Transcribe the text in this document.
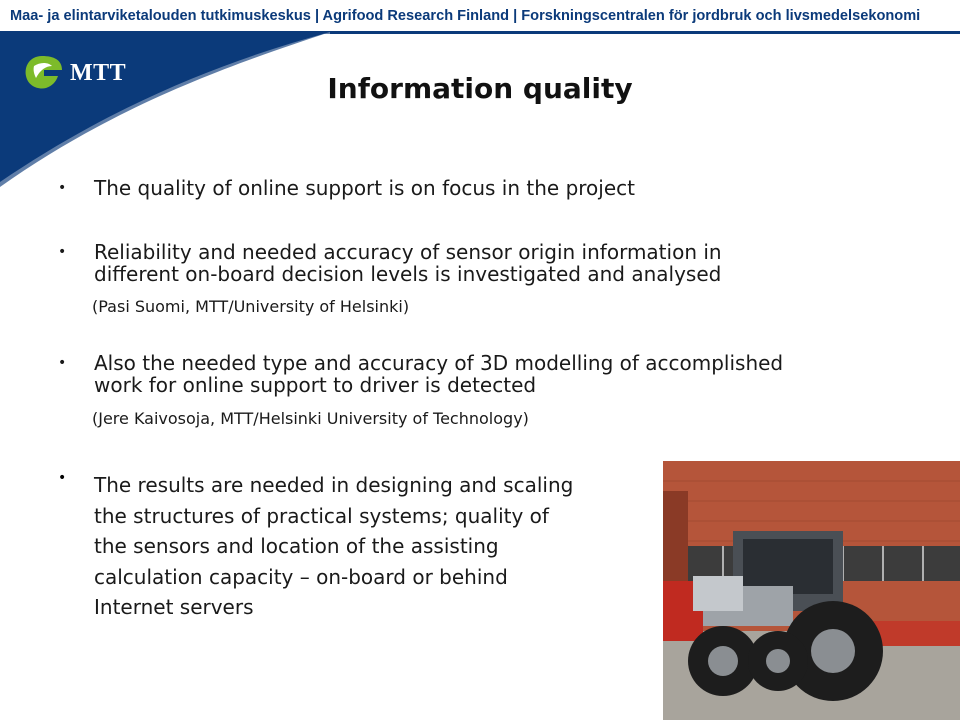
Maa- ja elintarviketalouden tutkimuskeskus | Agrifood Research Finland | Forskningscentralen för jordbruk och livsmedelsekonomi
MTT	Information quality
• The quality of online support is on focus in the project
• Reliability and needed accuracy of sensor origin information in
different on-board decision levels is investigated and analysed
(Pasi Suomi, MTT/University of Helsinki)
• Also the needed type and accuracy of 3D modelling of accomplished
work for online support to driver is detected
(Jere Kaivosoja, MTT/Helsinki University of Technology)
• The results are needed in designing and scaling
the structures of practical systems; quality of
the sensors and location of the assisting
calculation capacity – on-board or behind
Internet servers
